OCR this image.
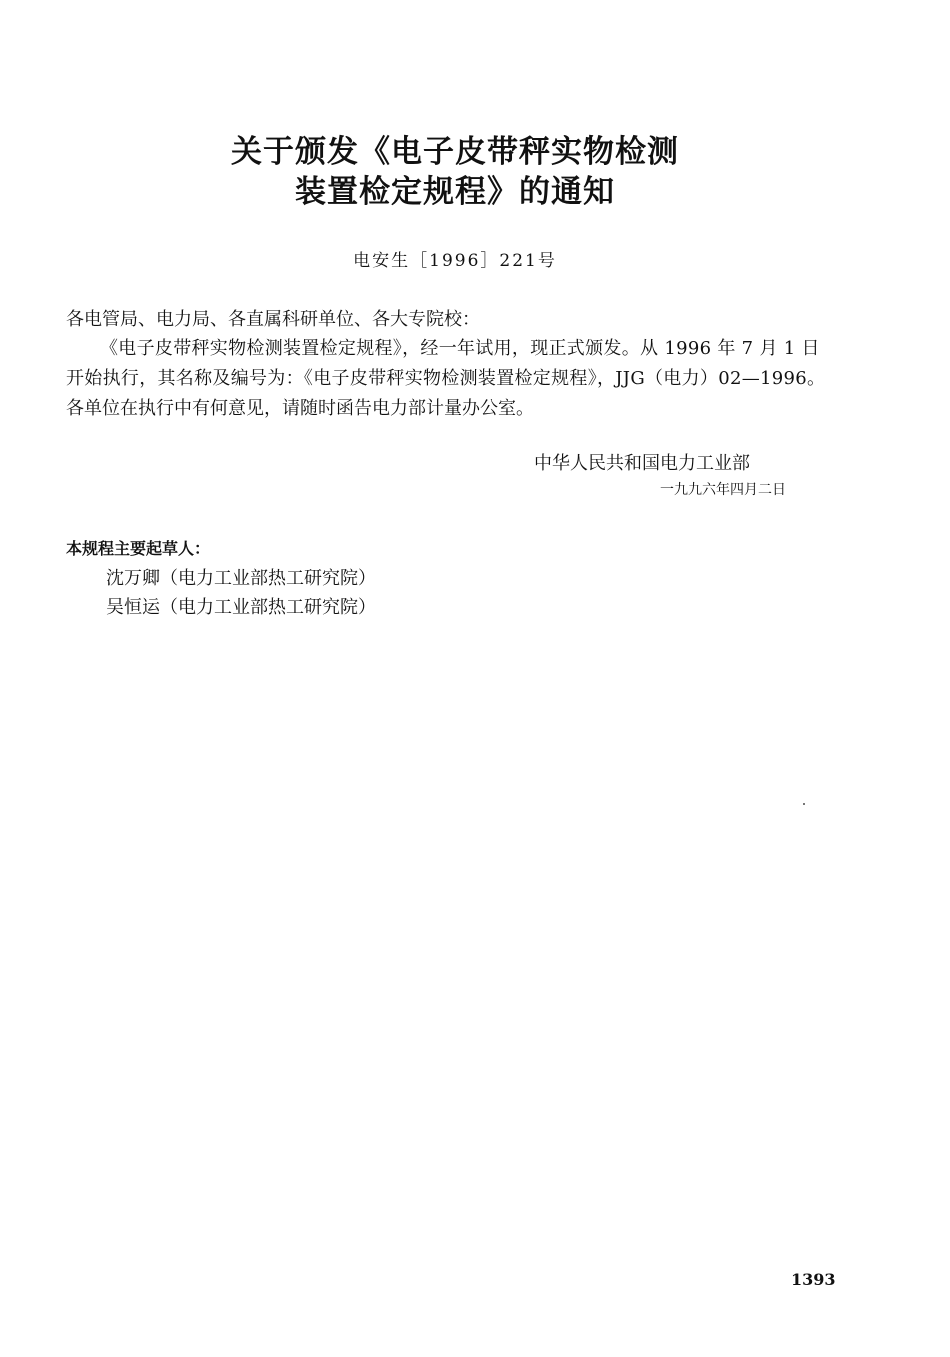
关于颁发《电子皮带秤实物检测
装置检定规程》的通知
电安生［1996］221号
各电管局、电力局、各直属科研单位、各大专院校：
《电子皮带秤实物检测装置检定规程》，经一年试用，现正式颁发。从 1996 年 7 月 1 日
开始执行，其名称及编号为：《电子皮带秤实物检测装置检定规程》，JJG（电力）02—1996。
各单位在执行中有何意见，请随时函告电力部计量办公室。
中华人民共和国电力工业部
一九九六年四月二日
本规程主要起草人：
沈万卿（电力工业部热工研究院）
吴恒运（电力工业部热工研究院）
1393
